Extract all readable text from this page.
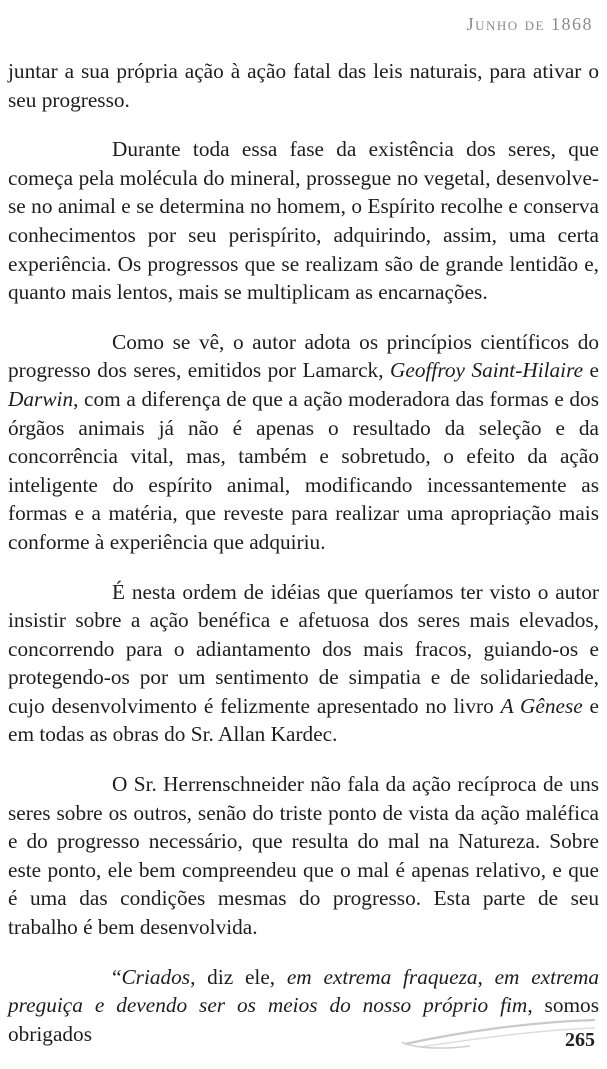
Junho de 1868

juntar a sua própria ação à ação fatal das leis naturais, para ativar o seu progresso.

Durante toda essa fase da existência dos seres, que começa pela molécula do mineral, prossegue no vegetal, desenvolve-se no animal e se determina no homem, o Espírito recolhe e conserva conhecimentos por seu perispírito, adquirindo, assim, uma certa experiência. Os progressos que se realizam são de grande lentidão e, quanto mais lentos, mais se multiplicam as encarnações.

Como se vê, o autor adota os princípios científicos do progresso dos seres, emitidos por Lamarck, Geoffroy Saint-Hilaire e Darwin, com a diferença de que a ação moderadora das formas e dos órgãos animais já não é apenas o resultado da seleção e da concorrência vital, mas, também e sobretudo, o efeito da ação inteligente do espírito animal, modificando incessantemente as formas e a matéria, que reveste para realizar uma apropriação mais conforme à experiência que adquiriu.

É nesta ordem de idéias que queríamos ter visto o autor insistir sobre a ação benéfica e afetuosa dos seres mais elevados, concorrendo para o adiantamento dos mais fracos, guiando-os e protegendo-os por um sentimento de simpatia e de solidariedade, cujo desenvolvimento é felizmente apresentado no livro A Gênese e em todas as obras do Sr. Allan Kardec.

O Sr. Herrenschneider não fala da ação recíproca de uns seres sobre os outros, senão do triste ponto de vista da ação maléfica e do progresso necessário, que resulta do mal na Natureza. Sobre este ponto, ele bem compreendeu que o mal é apenas relativo, e que é uma das condições mesmas do progresso. Esta parte de seu trabalho é bem desenvolvida.

“Criados, diz ele, em extrema fraqueza, em extrema preguiça e devendo ser os meios do nosso próprio fim, somos obrigados	265
